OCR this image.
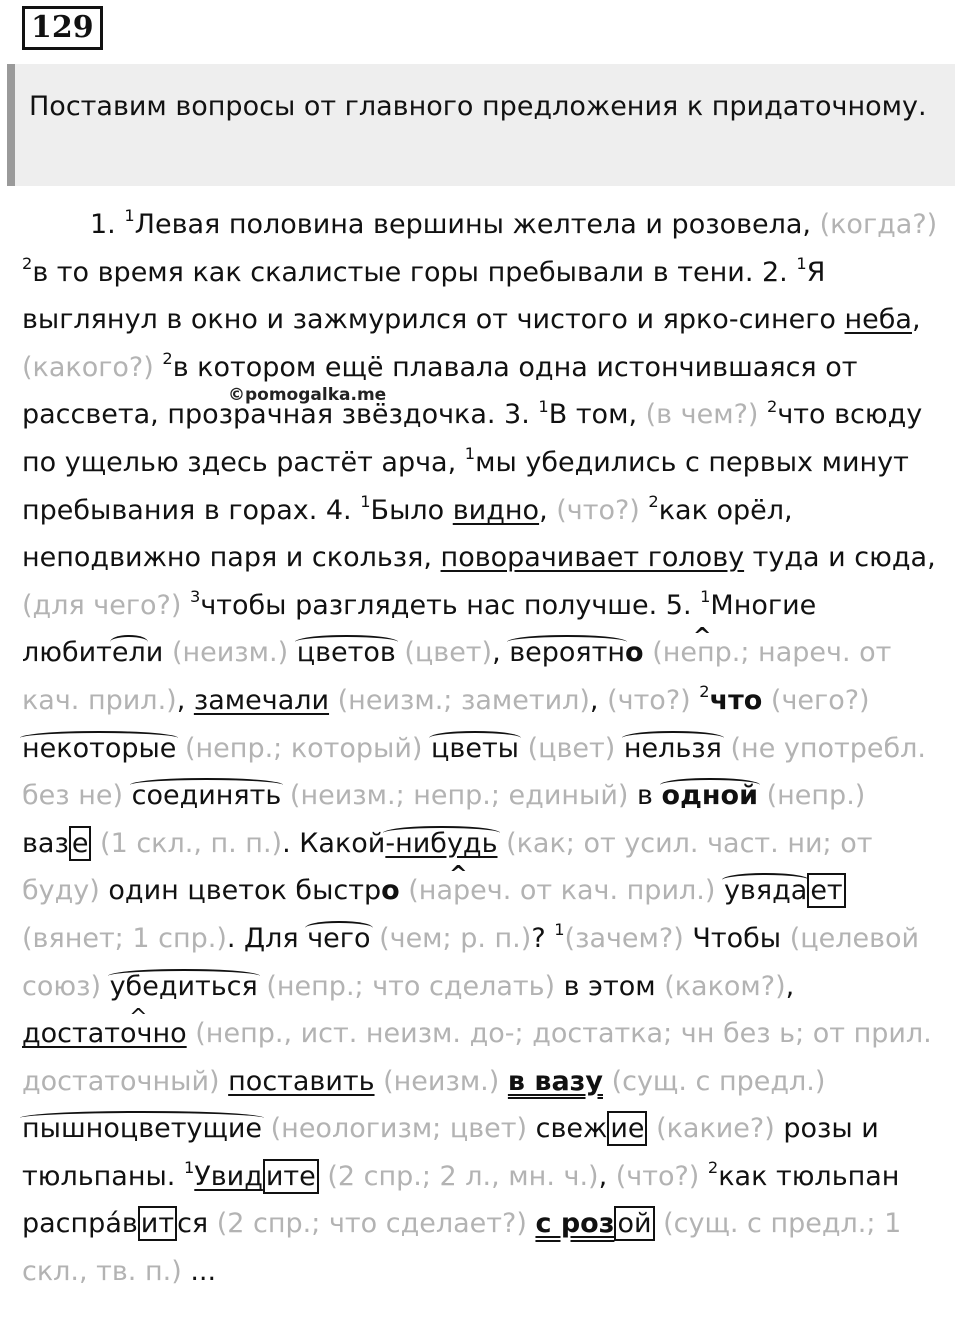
129
Поставим вопросы от главного предложения к придаточному.
©pomogalka.me
1. $^1$Левая половина вершины желтела и розовела, (когда?) $^2$в то время как скалистые горы пребывали в тени. 2. $^1$Я выглянул в окно и зажмурился от чистого и ярко-синего неба, (какого?) $^2$в котором ещё плавала одна истончившаяся от рассвета, прозрачная звёздочка. 3. $^1$В том, (в чем?) $^2$что всюду по ущелью здесь растёт арча, $^1$мы убедились с первых минут пребывания в горах. 4. $^1$Было видно, (что?) $^2$как орёл, неподвижно паря и скользя, поворачивает голову туда и сюда, (для чего?) $^3$чтобы разглядеть нас получше. 5. $^1$Многие любители (неизм.) цветов (цвет), вероятн^ о (непр.; нареч. от кач. прил.), замечали (неизм.; заметил), (что?) $^2$что (чего?) некоторые (непр.; который) цветы (цвет) нельзя (не употребл. без не) соединять (неизм.; непр.; единый) в одной (непр.) ваз е (1 скл., п. п.). Какой-нибудь (как; от усил. част. ни; от буду) один цветок быстр^ о (нареч. от кач. прил.) увяда ет (вянет; 1 спр.). Для чего (чем; р. п.)? $^1$(зачем?) Чтобы (целевой союз) убедиться (непр.; что сделать) в этом (каком?), ^ достаточно (непр., ист. неизм. до-; достатка; чн без ь; от прил. достаточный) поставить (неизм.) в вазу (сущ. с предл.) пышноцветущие (неологизм; цвет) свеж ие (какие?) розы и тюльпаны. $^1$Увид ите (2 спр.; 2 л., мн. ч.), (что?) $^2$как тюльпан распра́в ит ся (2 спр.; что сделает?) с роз ой (сущ. с предл.; 1 скл., тв. п.) ...
